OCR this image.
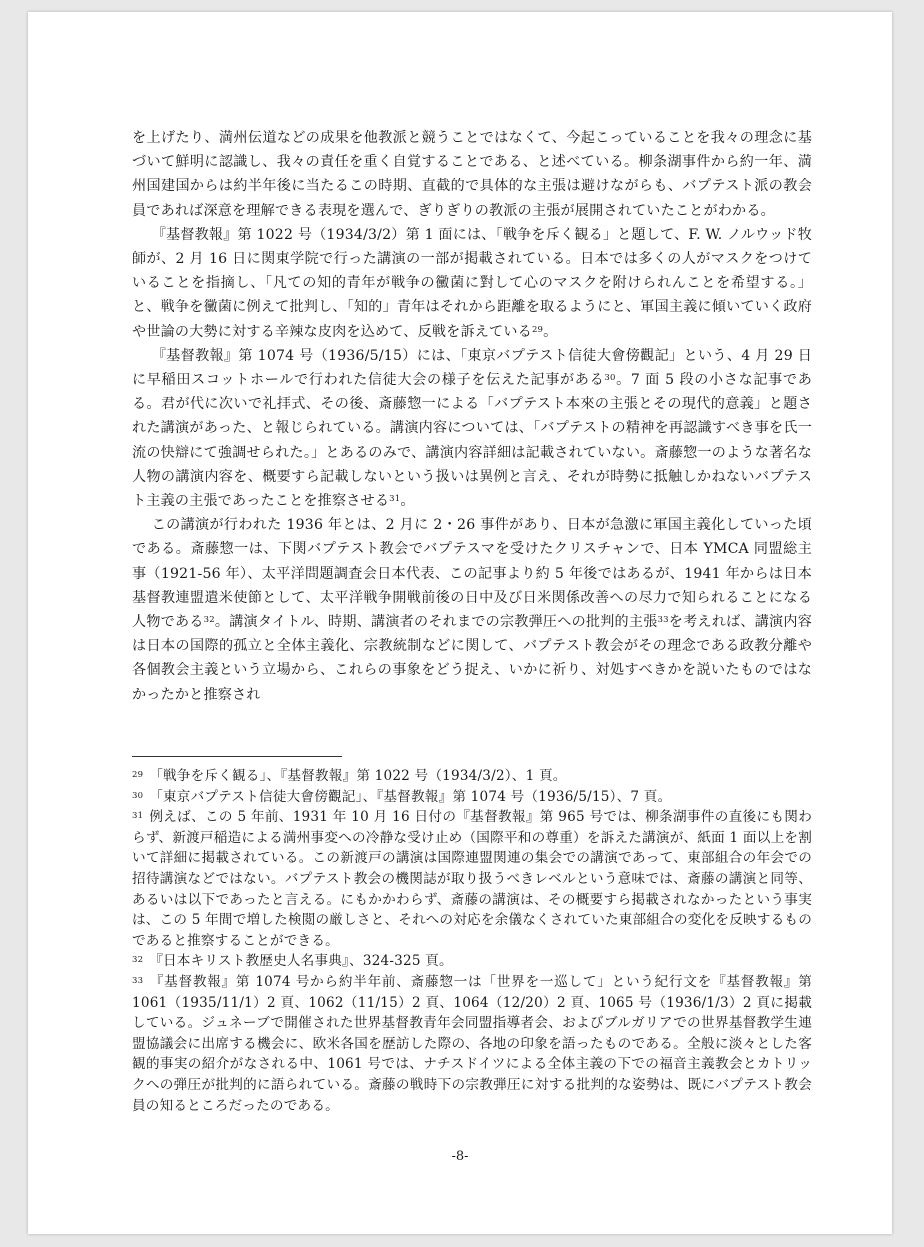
を上げたり、満州伝道などの成果を他教派と競うことではなくて、今起こっていることを我々の理念に基づいて鮮明に認識し、我々の責任を重く自覚することである、と述べている。柳条湖事件から約一年、満州国建国からは約半年後に当たるこの時期、直截的で具体的な主張は避けながらも、バプテスト派の教会員であれば深意を理解できる表現を選んで、ぎりぎりの教派の主張が展開されていたことがわかる。

『基督教報』第 1022 号（1934/3/2）第 1 面には、「戦争を斥く観る」と題して、F. W. ノルウッド牧師が、2 月 16 日に関東学院で行った講演の一部が掲載されている。日本では多くの人がマスクをつけていることを指摘し、「凡ての知的青年が戦争の黴菌に對して心のマスクを附けられんことを希望する。」と、戦争を黴菌に例えて批判し、「知的」青年はそれから距離を取るようにと、軍国主義に傾いていく政府や世論の大勢に対する辛辣な皮肉を込めて、反戦を訴えている$^{29}$。

『基督教報』第 1074 号（1936/5/15）には、「東京バプテスト信徒大會傍觀記」という、4 月 29 日に早稲田スコットホールで行われた信徒大会の様子を伝えた記事がある$^{30}$。7 面 5 段の小さな記事である。君が代に次いで礼拝式、その後、斎藤惣一による「バプテスト本來の主張とその現代的意義」と題された講演があった、と報じられている。講演内容については、「バプテストの精神を再認識すべき事を氏一流の快辯にて強調せられた。」とあるのみで、講演内容詳細は記載されていない。斎藤惣一のような著名な人物の講演内容を、概要すら記載しないという扱いは異例と言え、それが時勢に抵触しかねないバプテスト主義の主張であったことを推察させる$^{31}$。

この講演が行われた 1936 年とは、2 月に 2・26 事件があり、日本が急激に軍国主義化していった頃である。斎藤惣一は、下関バプテスト教会でバプテスマを受けたクリスチャンで、日本 YMCA 同盟総主事（1921-56 年）、太平洋問題調査会日本代表、この記事より約 5 年後ではあるが、1941 年からは日本基督教連盟遣米使節として、太平洋戦争開戦前後の日中及び日米関係改善への尽力で知られることになる人物である$^{32}$。講演タイトル、時期、講演者のそれまでの宗教弾圧への批判的主張$^{33}$を考えれば、講演内容は日本の国際的孤立と全体主義化、宗教統制などに関して、バプテスト教会がその理念である政教分離や各個教会主義という立場から、これらの事象をどう捉え、いかに祈り、対処すべきかを説いたものではなかったかと推察され

$^{29}$ 「戦争を斥く観る」、『基督教報』第 1022 号（1934/3/2）、1 頁。

$^{30}$ 「東京バプテスト信徒大會傍觀記」、『基督教報』第 1074 号（1936/5/15）、7 頁。

$^{31}$ 例えば、この 5 年前、1931 年 10 月 16 日付の『基督教報』第 965 号では、柳条湖事件の直後にも関わらず、新渡戸稲造による満州事変への冷静な受け止め（国際平和の尊重）を訴えた講演が、紙面 1 面以上を割いて詳細に掲載されている。この新渡戸の講演は国際連盟関連の集会での講演であって、東部組合の年会での招待講演などではない。バプテスト教会の機関誌が取り扱うべきレベルという意味では、斎藤の講演と同等、あるいは以下であったと言える。にもかかわらず、斎藤の講演は、その概要すら掲載されなかったという事実は、この 5 年間で増した検閲の厳しさと、それへの対応を余儀なくされていた東部組合の変化を反映するものであると推察することができる。

$^{32}$ 『日本キリスト教歴史人名事典』、324-325 頁。

$^{33}$ 『基督教報』第 1074 号から約半年前、斎藤惣一は「世界を一巡して」という紀行文を『基督教報』第 1061（1935/11/1）2 頁、1062（11/15）2 頁、1064（12/20）2 頁、1065 号（1936/1/3）2 頁に掲載している。ジュネーブで開催された世界基督教青年会同盟指導者会、およびブルガリアでの世界基督教学生連盟協議会に出席する機会に、欧米各国を歴訪した際の、各地の印象を語ったものである。全般に淡々とした客観的事実の紹介がなされる中、1061 号では、ナチスドイツによる全体主義の下での福音主義教会とカトリックへの弾圧が批判的に語られている。斎藤の戦時下の宗教弾圧に対する批判的な姿勢は、既にバプテスト教会員の知るところだったのである。

-8-
